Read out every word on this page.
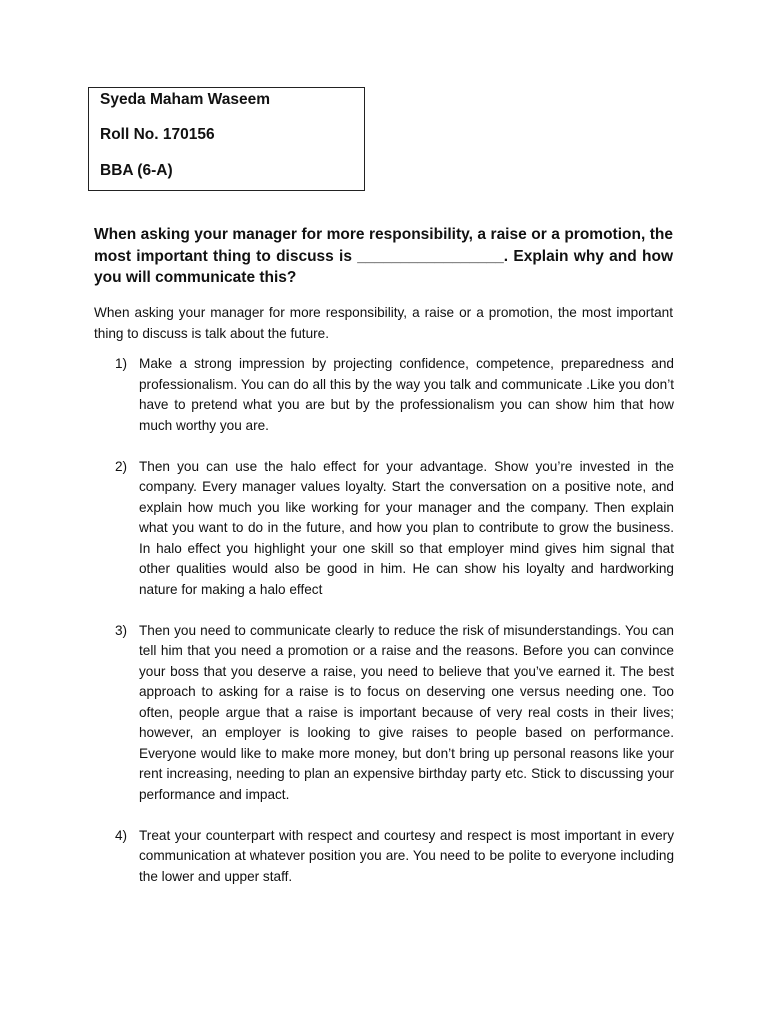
Syeda Maham Waseem
Roll No. 170156
BBA (6-A)
When asking your manager for more responsibility, a raise or a promotion, the most important thing to discuss is _________________. Explain why and how you will communicate this?
When asking your manager for more responsibility, a raise or a promotion, the most important thing to discuss is talk about the future.
1) Make a strong impression by projecting confidence, competence, preparedness and professionalism. You can do all this by the way you talk and communicate .Like you don’t have to pretend what you are but by the professionalism you can show him that how much worthy you are.
2) Then you can use the halo effect for your advantage. Show you’re invested in the company. Every manager values loyalty. Start the conversation on a positive note, and explain how much you like working for your manager and the company. Then explain what you want to do in the future, and how you plan to contribute to grow the business. In halo effect you highlight your one skill so that employer mind gives him signal that other qualities would also be good in him. He can show his loyalty and hardworking nature for making a halo effect
3) Then you need to communicate clearly to reduce the risk of misunderstandings. You can tell him that you need a promotion or a raise and the reasons. Before you can convince your boss that you deserve a raise, you need to believe that you’ve earned it. The best approach to asking for a raise is to focus on deserving one versus needing one. Too often, people argue that a raise is important because of very real costs in their lives; however, an employer is looking to give raises to people based on performance. Everyone would like to make more money, but don’t bring up personal reasons like your rent increasing, needing to plan an expensive birthday party etc. Stick to discussing your performance and impact.
4) Treat your counterpart with respect and courtesy and respect is most important in every communication at whatever position you are. You need to be polite to everyone including the lower and upper staff.
